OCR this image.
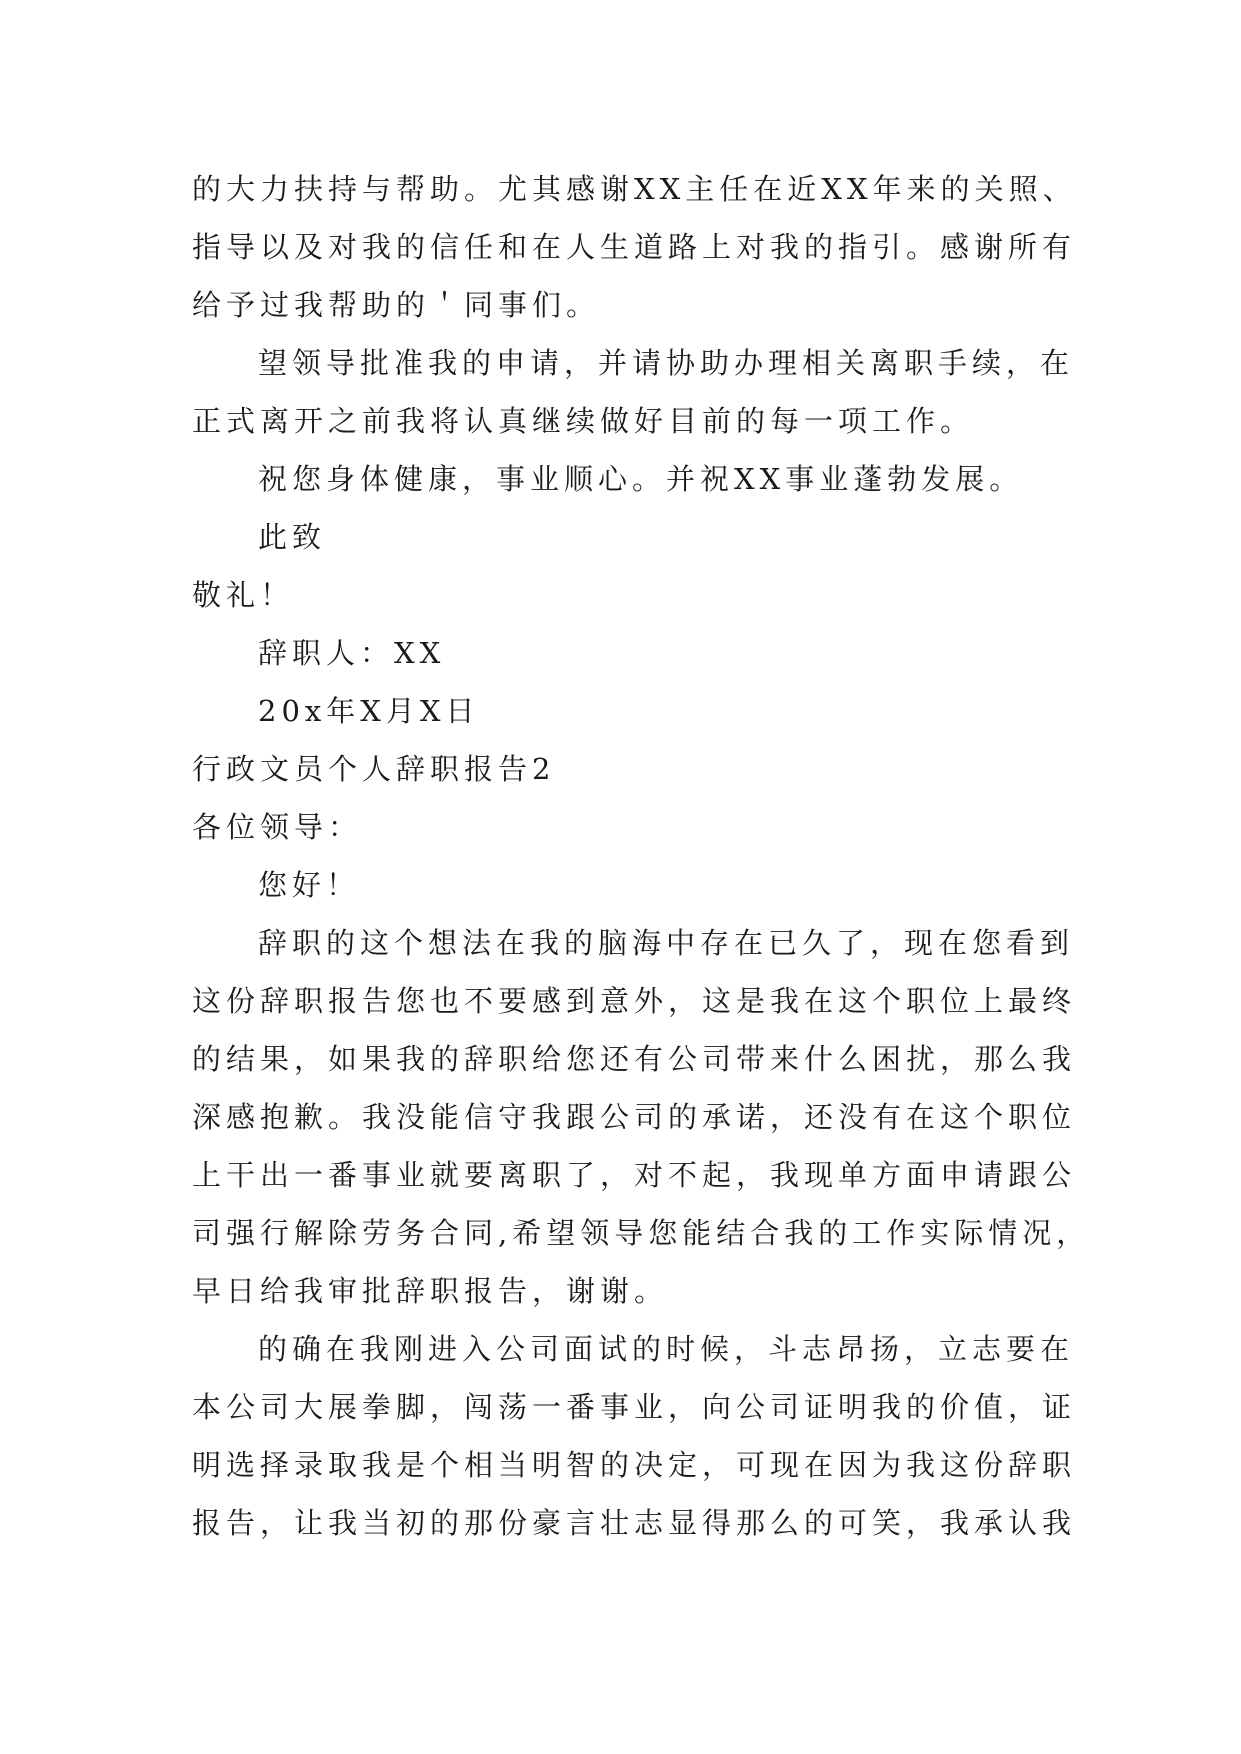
的大力扶持与帮助。尤其感谢XX主任在近XX年来的关照、
指导以及对我的信任和在人生道路上对我的指引。感谢所有
给予过我帮助的＇同事们。
望领导批准我的申请，并请协助办理相关离职手续，在
正式离开之前我将认真继续做好目前的每一项工作。
祝您身体健康，事业顺心。并祝XX事业蓬勃发展。
此致
敬礼！
辞职人：XX
20x年X月X日
行政文员个人辞职报告2
各位领导：
您好！
辞职的这个想法在我的脑海中存在已久了，现在您看到
这份辞职报告您也不要感到意外，这是我在这个职位上最终
的结果，如果我的辞职给您还有公司带来什么困扰，那么我
深感抱歉。我没能信守我跟公司的承诺，还没有在这个职位
上干出一番事业就要离职了，对不起，我现单方面申请跟公
司强行解除劳务合同,希望领导您能结合我的工作实际情况，
早日给我审批辞职报告，谢谢。
的确在我刚进入公司面试的时候，斗志昂扬，立志要在
本公司大展拳脚，闯荡一番事业，向公司证明我的价值，证
明选择录取我是个相当明智的决定，可现在因为我这份辞职
报告，让我当初的那份豪言壮志显得那么的可笑，我承认我
